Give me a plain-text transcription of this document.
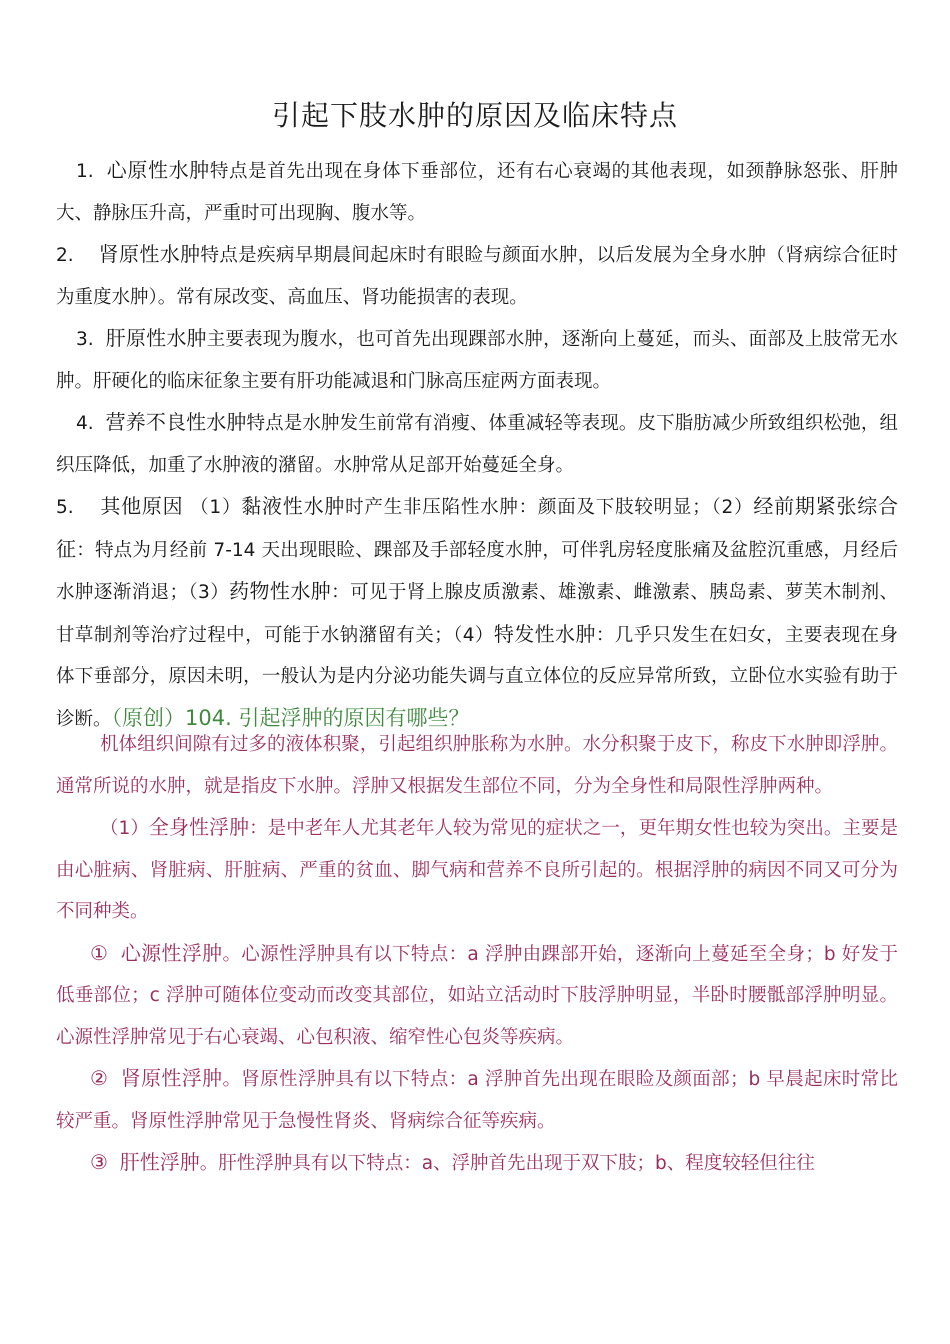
引起下肢水肿的原因及临床特点

1. 心原性水肿特点是首先出现在身体下垂部位，还有右心衰竭的其他表现，如颈静脉怒张、肝肿大、静脉压升高，严重时可出现胸、腹水等。

2. 肾原性水肿特点是疾病早期晨间起床时有眼睑与颜面水肿，以后发展为全身水肿（肾病综合征时为重度水肿）。常有尿改变、高血压、肾功能损害的表现。

3. 肝原性水肿主要表现为腹水，也可首先出现踝部水肿，逐渐向上蔓延，而头、面部及上肢常无水肿。肝硬化的临床征象主要有肝功能减退和门脉高压症两方面表现。

4. 营养不良性水肿特点是水肿发生前常有消瘦、体重减轻等表现。皮下脂肪减少所致组织松弛，组织压降低，加重了水肿液的潴留。水肿常从足部开始蔓延全身。

5. 其他原因 （1）黏液性水肿时产生非压陷性水肿：颜面及下肢较明显；（2）经前期紧张综合征：特点为月经前 7-14 天出现眼睑、踝部及手部轻度水肿，可伴乳房轻度胀痛及盆腔沉重感，月经后水肿逐渐消退；（3）药物性水肿：可见于肾上腺皮质激素、雄激素、雌激素、胰岛素、萝芙木制剂、甘草制剂等治疗过程中，可能于水钠潴留有关；（4）特发性水肿：几乎只发生在妇女，主要表现在身体下垂部分，原因未明，一般认为是内分泌功能失调与直立体位的反应异常所致，立卧位水实验有助于诊断。（原创）104. 引起浮肿的原因有哪些？

机体组织间隙有过多的液体积聚，引起组织肿胀称为水肿。水分积聚于皮下，称皮下水肿即浮肿。通常所说的水肿，就是指皮下水肿。浮肿又根据发生部位不同，分为全身性和局限性浮肿两种。

（1）全身性浮肿：是中老年人尤其老年人较为常见的症状之一，更年期女性也较为突出。主要是由心脏病、肾脏病、肝脏病、严重的贫血、脚气病和营养不良所引起的。根据浮肿的病因不同又可分为不同种类。

① 心源性浮肿。心源性浮肿具有以下特点：a 浮肿由踝部开始，逐渐向上蔓延至全身；b 好发于低垂部位；c 浮肿可随体位变动而改变其部位，如站立活动时下肢浮肿明显，半卧时腰骶部浮肿明显。心源性浮肿常见于右心衰竭、心包积液、缩窄性心包炎等疾病。

② 肾原性浮肿。肾原性浮肿具有以下特点：a 浮肿首先出现在眼睑及颜面部；b 早晨起床时常比较严重。肾原性浮肿常见于急慢性肾炎、肾病综合征等疾病。

③ 肝性浮肿。肝性浮肿具有以下特点：a、浮肿首先出现于双下肢；b、程度较轻但往往
